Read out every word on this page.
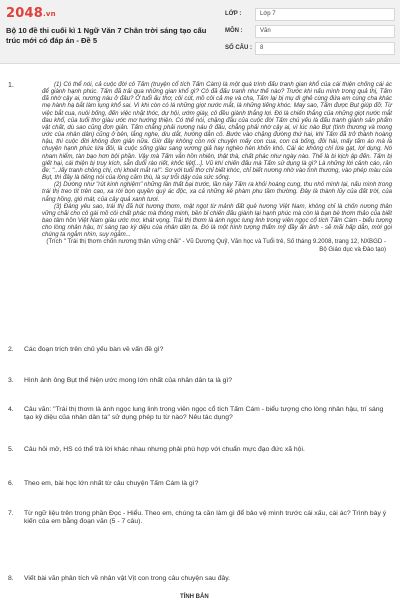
2048.vn
Bộ 10 đề thi cuối kì 1 Ngữ Văn 7 Chân trời sáng tạo cấu trúc mới có đáp án - Đề 5
LỚP :	Lớp 7
MÔN :	Văn
SỐ CÂU :	8
1.	(1) Có thể nói, cả cuộc đời cô Tấm (truyện cổ tích Tấm Cám) là một quá trình đấu tranh gian khổ của cái thiện chống cái ác để giành hạnh phúc. Tấm đã trải qua những gian khổ gì? Cô đã đấu tranh như thế nào? Trước khi nấu mình trong quả thị, Tấm đã nhờ cậy ai, nương náu ở đâu? Ở tuổi ấu thơ, côi cút, mồ côi cả mẹ và cha, Tấm lại bị mụ dì ghẻ cùng đứa em cùng cha khác mẹ hành hạ bắt làm lụng khổ sai. Vì khi còn có lá những giọt nước mắt, là những tiếng khóc. May sao, Tấm được Bụt giúp đỡ. Từ việc bắt cua, nuôi bống, đến việc nhặt thóc, dự hội, ướm giày, cô đều giành thắng lợi. Đó là chiến thắng của những giọt nước mắt đau khổ, của tuổi thơ giàu ước mơ hướng thiện. Có thể nói, chặng đầu của cuộc đời Tấm chủ yếu là đấu tranh giành sản phẩm vật chất, dù sao cũng đơn giản. Tấm chẳng phải nương náu ở đâu, chẳng phải nhờ cậy ai, vì lúc nào Bụt (tình thương và mong ước của nhân dân) cũng ở bên, lắng nghe, dìu dắt, hướng dẫn cô. Bước vào chặng đường thứ hai, khi Tấm đã trở thành hoàng hậu, thì cuộc đời không đơn giản nữa. Giờ đây không còn nói chuyện mấy con cua, con cá bống, đôi hài, mấy tấm áo mà là chuyện hạnh phúc lứa đôi, là cuộc sống giàu sang vương giả hay nghèo hèn khốn khó. Cái ác không chỉ lừa gạt, lợi dụng. Nó nham hiểm, tàn bạo hơn bội phần. Vậy mà Tấm vẫn hồn nhiên, thật thà, chất phác như ngày nào. Thế là bi kịch ập đến. Tấm bị giết hại, cái thiện bị truy kích, sẵn đuổi rào riết, khốc liệt[...]. Vũ khí chiến đấu mà Tấm sử dụng là gì? Là những lời cảnh cáo, răn đe: "...lấy tranh chồng chị, chị khoét mắt ra!". Sơ với tuổi thơ chỉ biết khóc, chỉ biết nương nhờ vào tình thương, vào phép màu của Bụt, thì đây là tiếng nói của lòng căm thù, là sự trỗi dậy của sức sống.

(2) Dường như "rút kinh nghiệm" những lần thất bại trước, lần này Tấm ra khỏi hoàng cung, thu nhỏ mình lại, nấu mình trong trái thị treo tít trên cao, xa rời bọn quyền quý ác độc, xa cả những kẻ phàm phu tầm thường. Đây là thành lũy của đất trời, của nắng hồng, gió mát, của cây quả xanh tươi.

(3) Đáng yêu sao, trái thị đã hút hương thơm, mật ngọt từ mảnh đất quê hương Việt Nam, không chỉ là chốn nương thân vững chãi cho cô gái mồ côi chất phác mà thông minh, bền bỉ chiến đấu giành lại hạnh phúc mà còn là bạn bè thơm thảo của biết bao tâm hồn Việt Nam giàu ước mơ, khát vọng. Trái thị thơm là ánh ngọc lung linh trong viên ngọc cổ tích Tấm Cám - biểu tượng cho lòng nhân hậu, trí sáng tạo kỳ diệu của nhân dân ta. Đó là một hình tượng thẩm mỹ đầy ẩn ảnh - sẽ mãi hấp dẫn, mời gọi chúng ta ngắm nhìn, suy ngẫm...

(Trích " Trái thị thơm chốn nương thân vững chãi" - Vũ Dương Quỹ, Văn học và Tuổi trẻ, Số tháng 9.2008, trang 12, NXBGD - Bộ Giáo dục và Đào tạo)
2. Các đoạn trích trên chủ yếu bàn về vấn đề gì?
3. Hình ảnh ông Bụt thể hiện ước mong lớn nhất của nhân dân ta là gì?
4. Câu văn: "Trái thị thơm là ánh ngọc lung linh trong viên ngọc cổ tích Tấm Cám - biểu tượng cho lòng nhân hậu, trí sáng tạo kỳ diệu của nhân dân ta" sử dụng phép tu từ nào? Nêu tác dụng?
5. Câu hỏi mở, HS có thể trả lời khác nhau nhưng phải phù hợp với chuẩn mực đạo đức xã hội.
6. Theo em, bài học lớn nhất từ câu chuyện Tấm Cám là gì?
7. Từ ngữ liệu trên trong phần Đọc - Hiểu. Theo em, chúng ta cần làm gì để bảo vệ mình trước cái xấu, cái ác? Trình bày ý kiến của em bằng đoạn văn (5 - 7 câu).
8. Viết bài văn phân tích về nhân vật Vịt con trong câu chuyện sau đây.
TÍNH BẢN
